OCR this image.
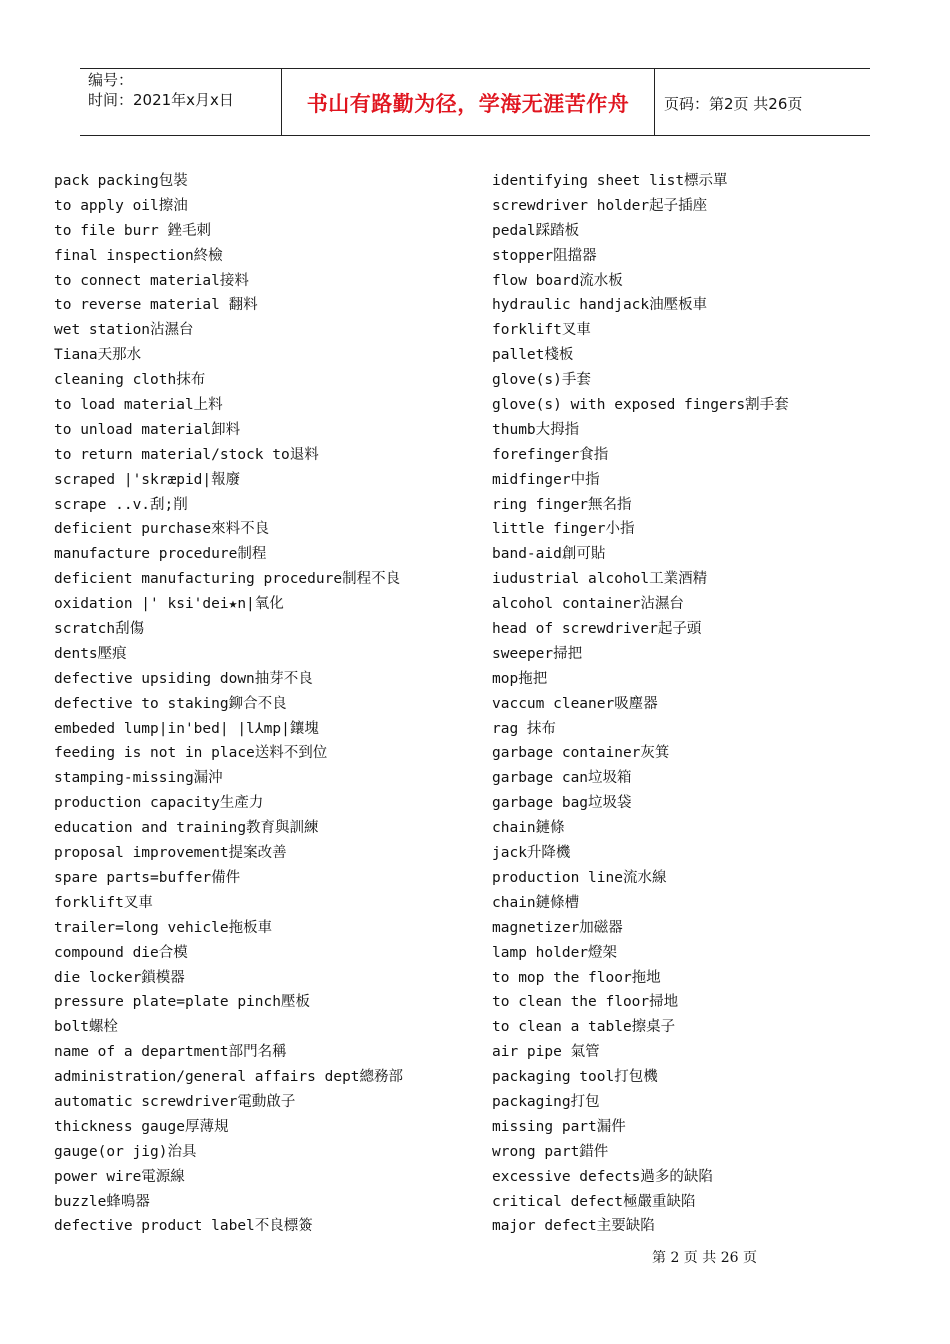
编号：
时间：2021年x月x日	书山有路勤为径，学海无涯苦作舟	页码：第2页 共26页
pack packing包裝
to apply oil擦油
to file burr 銼毛刺
final inspection終檢
to connect material接料
to reverse material 翻料
wet station沾濕台
Tiana天那水
cleaning cloth抹布
to load material上料
to unload material卸料
to return material/stock to退料
scraped |'skræpid|報廢
scrape ..v.刮;削
deficient purchase來料不良
manufacture procedure制程
deficient manufacturing procedure制程不良
oxidation |' ksi'dei★n|氧化
scratch刮傷
dents壓痕
defective upsiding down抽芽不良
defective to staking鉚合不良
embeded lump|in'bed| |l⅄mp|鑲塊
feeding is not in place送料不到位
stamping-missing漏沖
production capacity生產力
education and training教育與訓練
proposal improvement提案改善
spare parts=buffer備件
forklift叉車
trailer=long vehicle拖板車
compound die合模
die locker鎖模器
pressure plate=plate pinch壓板
bolt螺栓
name of a department部門名稱
administration/general affairs dept總務部
automatic screwdriver電動啟子
thickness gauge厚薄規
gauge(or jig)治具
power wire電源線
buzzle蜂鳴器
defective product label不良標簽
identifying sheet list標示單
screwdriver holder起子插座
pedal踩踏板
stopper阻擋器
flow board流水板
hydraulic handjack油壓板車
forklift叉車
pallet棧板
glove(s)手套
glove(s) with exposed fingers割手套
thumb大拇指
forefinger食指
midfinger中指
ring finger無名指
little finger小指
band-aid創可貼
iudustrial alcohol工業酒精
alcohol container沾濕台
head of screwdriver起子頭
sweeper掃把
mop拖把
vaccum cleaner吸塵器
rag 抹布
garbage container灰箕
garbage can垃圾箱
garbage bag垃圾袋
chain鏈條
jack升降機
production line流水線
chain鏈條槽
magnetizer加磁器
lamp holder燈架
to mop the floor拖地
to clean the floor掃地
to clean a table擦桌子
air pipe 氣管
packaging tool打包機
packaging打包
missing part漏件
wrong part錯件
excessive defects過多的缺陷
critical defect極嚴重缺陷
major defect主要缺陷
第 2 页 共 26 页
